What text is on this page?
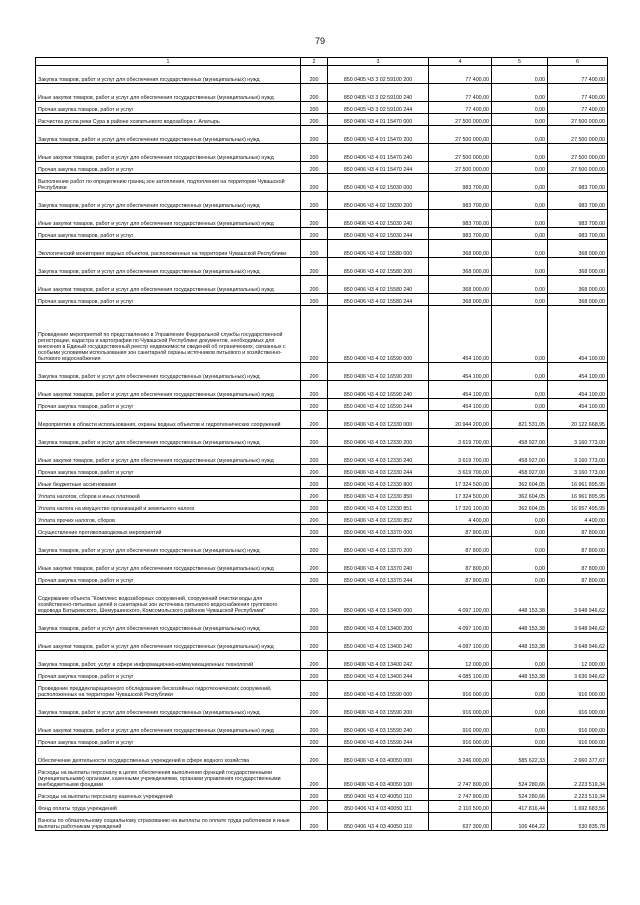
79
1	2	3	4	5	6
Закупка товаров, работ и услуг для обеспечения государственных (муниципальных) нужд	200	850 0405 Ч3 3 02 59100 200	77 400,00	0,00	77 400,00
Иные закупки товаров, работ и услуг для обеспечения государственных (муниципальных) нужд	200	850 0405 Ч3 3 02 59100 240	77 400,00	0,00	77 400,00
Прочая закупка товаров, работ и услуг	200	850 0405 Ч3 3 02 59100 244	77 400,00	0,00	77 400,00
Расчистка русла реки Сура в районе хозпитьевого водозабора г. Алатырь	200	850 0406 Ч3 4 01 15470 000	27 500 000,00	0,00	27 500 000,00
Закупка товаров, работ и услуг для обеспечения государственных (муниципальных) нужд	200	850 0406 Ч3 4 01 15470 200	27 500 000,00	0,00	27 500 000,00
Иные закупки товаров, работ и услуг для обеспечения государственных (муниципальных) нужд	200	850 0406 Ч3 4 01 15470 240	27 500 000,00	0,00	27 500 000,00
Прочая закупка товаров, работ и услуг	200	850 0406 Ч3 4 01 15470 244	27 500 000,00	0,00	27 500 000,00
Выполнение работ по определению границ зон затопления, подтопления на территории Чувашской Республики	200	850 0406 Ч3 4 02 15030 000	983 700,00	0,00	983 700,00
Закупка товаров, работ и услуг для обеспечения государственных (муниципальных) нужд	200	850 0406 Ч3 4 02 15030 200	983 700,00	0,00	983 700,00
Иные закупки товаров, работ и услуг для обеспечения государственных (муниципальных) нужд	200	850 0406 Ч3 4 02 15030 240	983 700,00	0,00	983 700,00
Прочая закупка товаров, работ и услуг	200	850 0406 Ч3 4 02 15030 244	983 700,00	0,00	983 700,00
Экологический мониторинг водных объектов, расположенных на территории Чувашской Республики	200	850 0406 Ч3 4 02 15580 000	368 000,00	0,00	368 000,00
Закупка товаров, работ и услуг для обеспечения государственных (муниципальных) нужд	200	850 0406 Ч3 4 02 15580 200	368 000,00	0,00	368 000,00
Иные закупки товаров, работ и услуг для обеспечения государственных (муниципальных) нужд	200	850 0406 Ч3 4 02 15580 240	368 000,00	0,00	368 000,00
Прочая закупка товаров, работ и услуг	200	850 0406 Ч3 4 02 15580 244	368 000,00	0,00	368 000,00
Проведение мероприятий по представлению в Управление Федеральной службы государственной регистрации, кадастра и картографии по Чувашской Республике документов, необходимых для внесения в Единый государственный реестр недвижимости сведений об ограничениях, связанных с особыми условиями использования зон санитарной охраны источников питьевого и хозяйственно-бытового водоснабжения	200	850 0406 Ч3 4 02 16590 000	454 100,00	0,00	454 100,00
Закупка товаров, работ и услуг для обеспечения государственных (муниципальных) нужд	200	850 0406 Ч3 4 02 16590 200	454 100,00	0,00	454 100,00
Иные закупки товаров, работ и услуг для обеспечения государственных (муниципальных) нужд	200	850 0406 Ч3 4 02 16590 240	454 100,00	0,00	454 100,00
Прочая закупка товаров, работ и услуг	200	850 0406 Ч3 4 02 16590 244	454 100,00	0,00	454 100,00
Мероприятия в области использования, охраны водных объектов и гидротехнических сооружений	200	850 0406 Ч3 4 03 12330 000	20 944 200,00	821 531,05	20 122 668,95
Закупка товаров, работ и услуг для обеспечения государственных (муниципальных) нужд	200	850 0406 Ч3 4 03 12330 200	3 619 700,00	458 927,00	3 160 773,00
Иные закупки товаров, работ и услуг для обеспечения государственных (муниципальных) нужд	200	850 0406 Ч3 4 03 12330 240	3 619 700,00	458 927,00	3 160 773,00
Прочая закупка товаров, работ и услуг	200	850 0406 Ч3 4 03 12330 244	3 619 700,00	458 927,00	3 160 773,00
Иные бюджетные ассигнования	200	850 0406 Ч3 4 03 12330 800	17 324 500,00	362 604,05	16 961 895,95
Уплата налогов, сборов и иных платежей	200	850 0406 Ч3 4 03 12330 850	17 324 500,00	362 604,05	16 961 895,95
Уплата налога на имущество организаций и земельного налога	200	850 0406 Ч3 4 03 12330 851	17 320 100,00	362 604,05	16 957 495,95
Уплата прочих налогов, сборов	200	850 0406 Ч3 4 03 12330 852	4 400,00	0,00	4 400,00
Осуществление противопаводковых мероприятий	200	850 0406 Ч3 4 03 13370 000	87 800,00	0,00	87 800,00
Закупка товаров, работ и услуг для обеспечения государственных (муниципальных) нужд	200	850 0406 Ч3 4 03 13370 200	87 800,00	0,00	87 800,00
Иные закупки товаров, работ и услуг для обеспечения государственных (муниципальных) нужд	200	850 0406 Ч3 4 03 13370 240	87 800,00	0,00	87 800,00
Прочая закупка товаров, работ и услуг	200	850 0406 Ч3 4 03 13370 244	87 800,00	0,00	87 800,00
Содержание объекта "Комплекс водозаборных сооружений, сооружений очистки воды для хозяйственно-питьевых целей и санитарных зон источника питьевого водоснабжения группового водовода Батыревского, Шемуршинского, Комсомольского районов Чувашской Республики"	200	850 0406 Ч3 4 03 13400 000	4 097 100,00	448 153,38	3 648 946,62
Закупка товаров, работ и услуг для обеспечения государственных (муниципальных) нужд	200	850 0406 Ч3 4 03 13400 200	4 097 100,00	448 153,38	3 648 946,62
Иные закупки товаров, работ и услуг для обеспечения государственных (муниципальных) нужд	200	850 0406 Ч3 4 03 13400 240	4 097 100,00	448 153,38	3 648 946,62
Закупка товаров, работ, услуг в сфере информационно-коммуникационных технологий	200	850 0406 Ч3 4 03 13400 242	12 000,00	0,00	12 000,00
Прочая закупка товаров, работ и услуг	200	850 0406 Ч3 4 03 13400 244	4 085 100,00	448 153,38	3 636 946,62
Проведение преддекларационного обследования бесхозяйных гидротехнических сооружений, расположенных на территории Чувашской Республики	200	850 0406 Ч3 4 03 15590 000	916 000,00	0,00	916 000,00
Закупка товаров, работ и услуг для обеспечения государственных (муниципальных) нужд	200	850 0406 Ч3 4 03 15590 200	916 000,00	0,00	916 000,00
Иные закупки товаров, работ и услуг для обеспечения государственных (муниципальных) нужд	200	850 0406 Ч3 4 03 15590 240	916 000,00	0,00	916 000,00
Прочая закупка товаров, работ и услуг	200	850 0406 Ч3 4 03 15590 244	916 000,00	0,00	916 000,00
Обеспечение деятельности государственных учреждений в сфере водного хозяйства	200	850 0406 Ч3 4 03 40050 000	3 246 000,00	585 622,33	2 660 377,67
Расходы на выплаты персоналу в целях обеспечения выполнения функций государственными (муниципальными) органами, казенными учреждениями, органами управления государственными внебюджетными фондами	200	850 0406 Ч3 4 03 40050 100	2 747 800,00	524 280,66	2 223 519,34
Расходы на выплаты персоналу казенных учреждений	200	850 0406 Ч3 4 03 40050 110	2 747 800,00	524 280,66	2 223 519,34
Фонд оплаты труда учреждений	200	850 0406 Ч3 4 03 40050 111	2 110 500,00	417 816,44	1 692 683,56
Взносы по обязательному социальному страхованию на выплаты по оплате труда работников и иные выплаты работникам учреждений	200	850 0406 Ч3 4 03 40050 119	637 300,00	106 464,22	530 835,78
